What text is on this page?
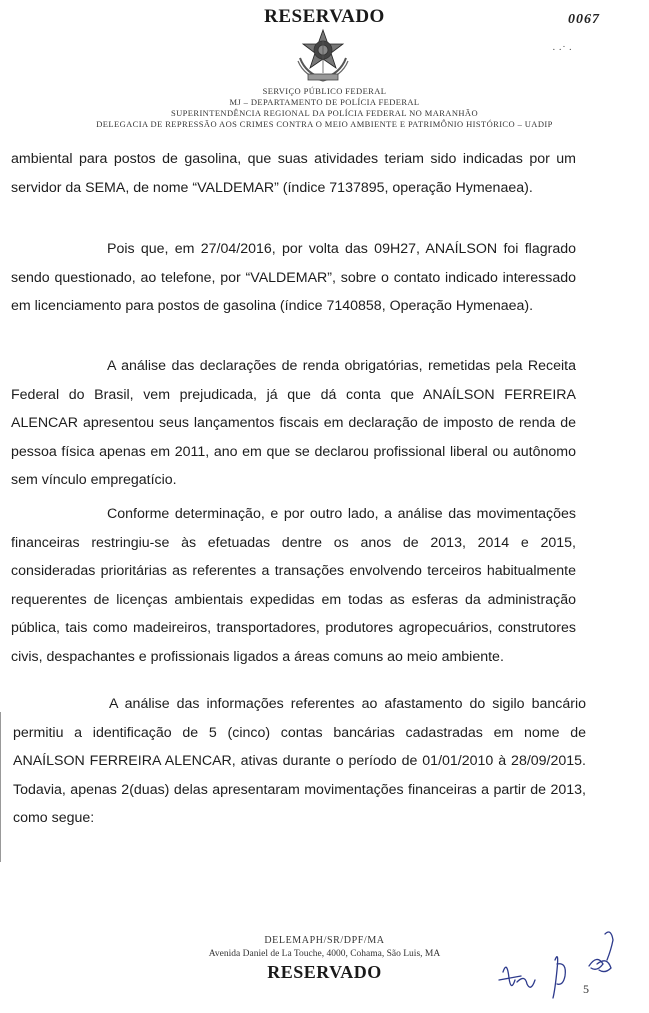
RESERVADO	0067
· ·˙ ·
SERVIÇO PÚBLICO FEDERAL
MJ – DEPARTAMENTO DE POLÍCIA FEDERAL
SUPERINTENDÊNCIA REGIONAL DA POLÍCIA FEDERAL NO MARANHÃO
DELEGACIA DE REPRESSÃO AOS CRIMES CONTRA O MEIO AMBIENTE E PATRIMÔNIO HISTÓRICO – UADIP

ambiental para postos de gasolina, que suas atividades teriam sido indicadas por um servidor da SEMA, de nome “VALDEMAR” (índice 7137895, operação Hymenaea).

Pois que, em 27/04/2016, por volta das 09H27, ANAÍLSON foi flagrado sendo questionado, ao telefone, por “VALDEMAR”, sobre o contato indicado interessado em licenciamento para postos de gasolina (índice 7140858, Operação Hymenaea).

A análise das declarações de renda obrigatórias, remetidas pela Receita Federal do Brasil, vem prejudicada, já que dá conta que ANAÍLSON FERREIRA ALENCAR apresentou seus lançamentos fiscais em declaração de imposto de renda de pessoa física apenas em 2011, ano em que se declarou profissional liberal ou autônomo sem vínculo empregatício.

Conforme determinação, e por outro lado, a análise das movimentações financeiras restringiu-se às efetuadas dentre os anos de 2013, 2014 e 2015, consideradas prioritárias as referentes a transações envolvendo terceiros habitualmente requerentes de licenças ambientais expedidas em todas as esferas da administração pública, tais como madeireiros, transportadores, produtores agropecuários, construtores civis, despachantes e profissionais ligados a áreas comuns ao meio ambiente.

A análise das informações referentes ao afastamento do sigilo bancário permitiu a identificação de 5 (cinco) contas bancárias cadastradas em nome de ANAÍLSON FERREIRA ALENCAR, ativas durante o período de 01/01/2010 à 28/09/2015. Todavia, apenas 2(duas) delas apresentaram movimentações financeiras a partir de 2013, como segue:

DELEMAPH/SR/DPF/MA
Avenida Daniel de La Touche, 4000, Cohama, São Luis, MA
RESERVADO
5
